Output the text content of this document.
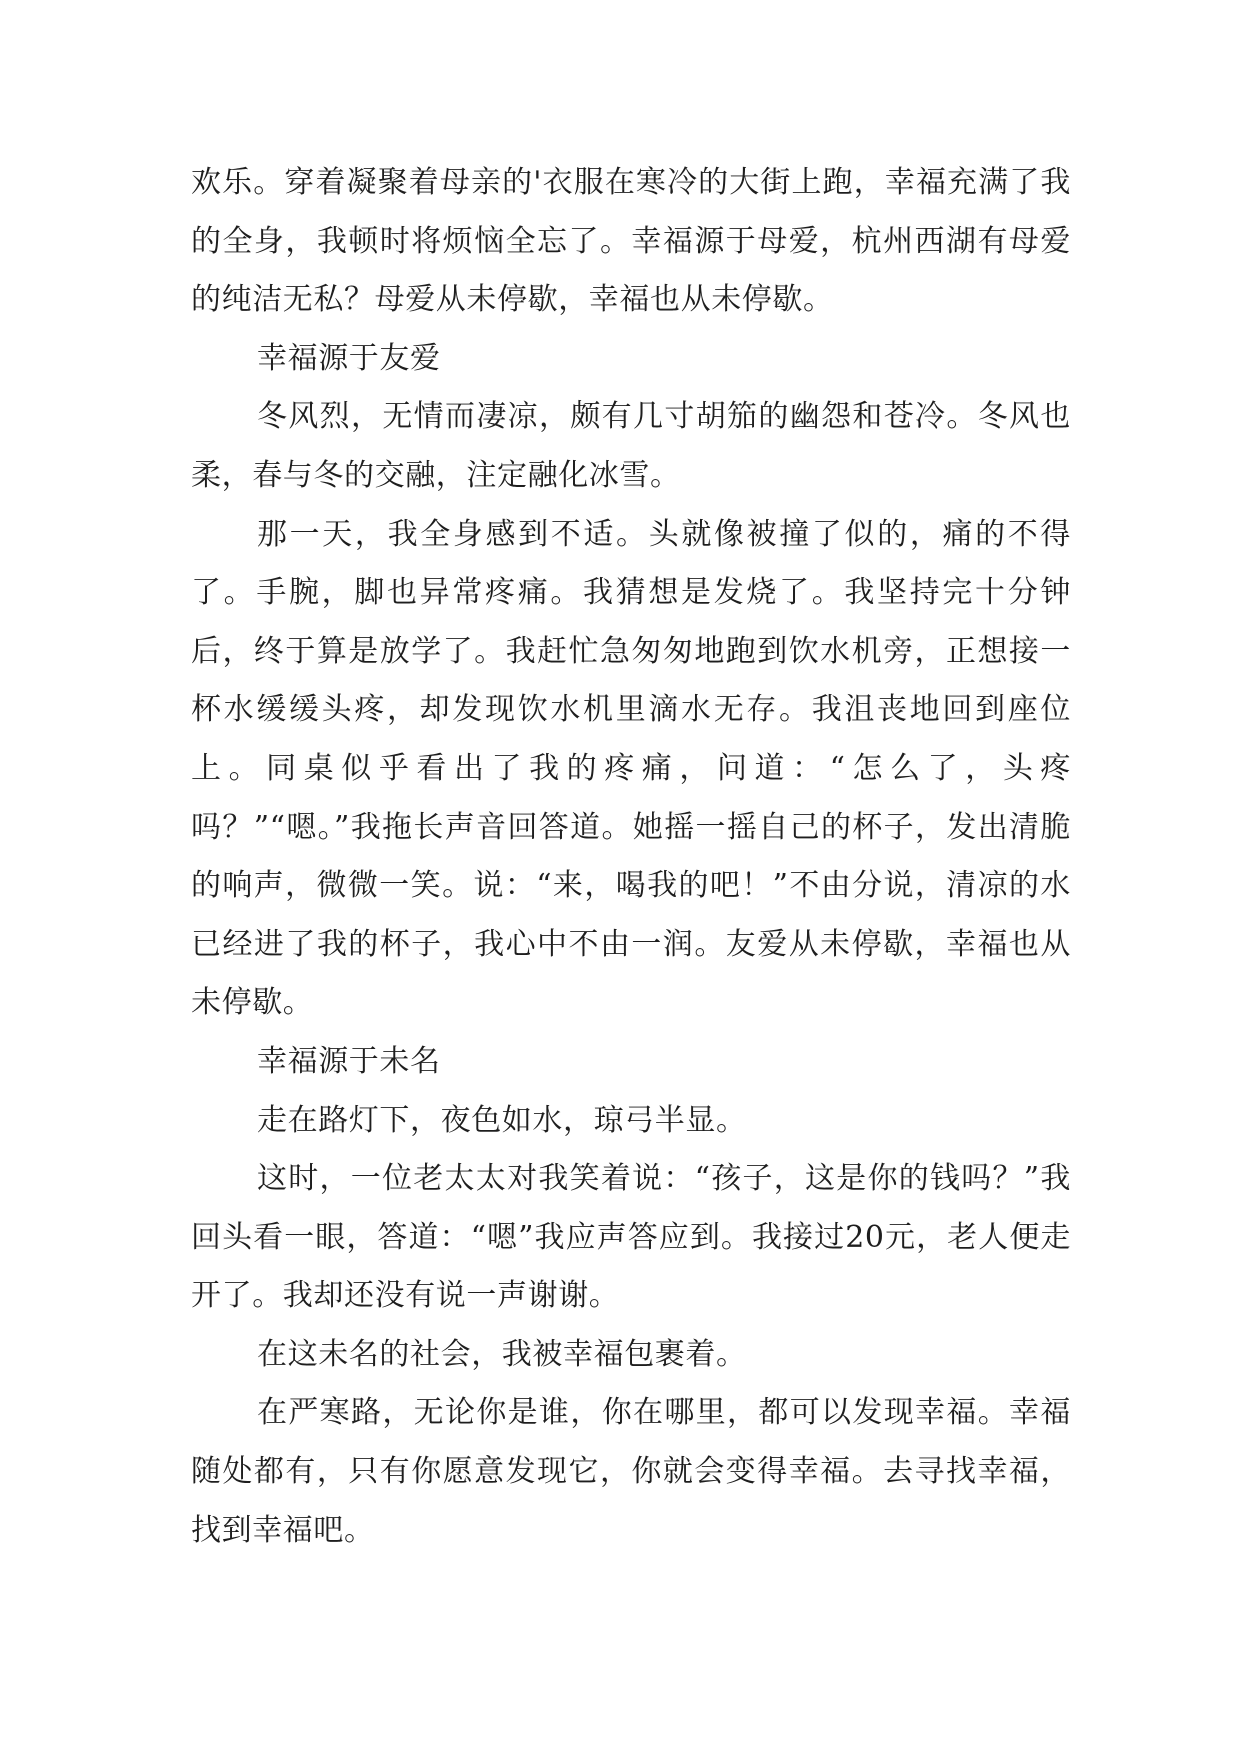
欢乐。穿着凝聚着母亲的'衣服在寒冷的大街上跑，幸福充满了我的全身，我顿时将烦恼全忘了。幸福源于母爱，杭州西湖有母爱的纯洁无私？母爱从未停歇，幸福也从未停歇。

幸福源于友爱

冬风烈，无情而凄凉，颇有几寸胡笳的幽怨和苍冷。冬风也柔，春与冬的交融，注定融化冰雪。

那一天，我全身感到不适。头就像被撞了似的，痛的不得了。手腕，脚也异常疼痛。我猜想是发烧了。我坚持完十分钟后，终于算是放学了。我赶忙急匆匆地跑到饮水机旁，正想接一杯水缓缓头疼，却发现饮水机里滴水无存。我沮丧地回到座位上。同桌似乎看出了我的疼痛，问道：“怎么了，头疼吗？”“嗯。”我拖长声音回答道。她摇一摇自己的杯子，发出清脆的响声，微微一笑。说：“来，喝我的吧！”不由分说，清凉的水已经进了我的杯子，我心中不由一润。友爱从未停歇，幸福也从未停歇。

幸福源于未名

走在路灯下，夜色如水，琼弓半显。

这时，一位老太太对我笑着说：“孩子，这是你的钱吗？”我回头看一眼，答道：“嗯”我应声答应到。我接过20元，老人便走开了。我却还没有说一声谢谢。

在这未名的社会，我被幸福包裹着。

在严寒路，无论你是谁，你在哪里，都可以发现幸福。幸福随处都有，只有你愿意发现它，你就会变得幸福。去寻找幸福，找到幸福吧。
